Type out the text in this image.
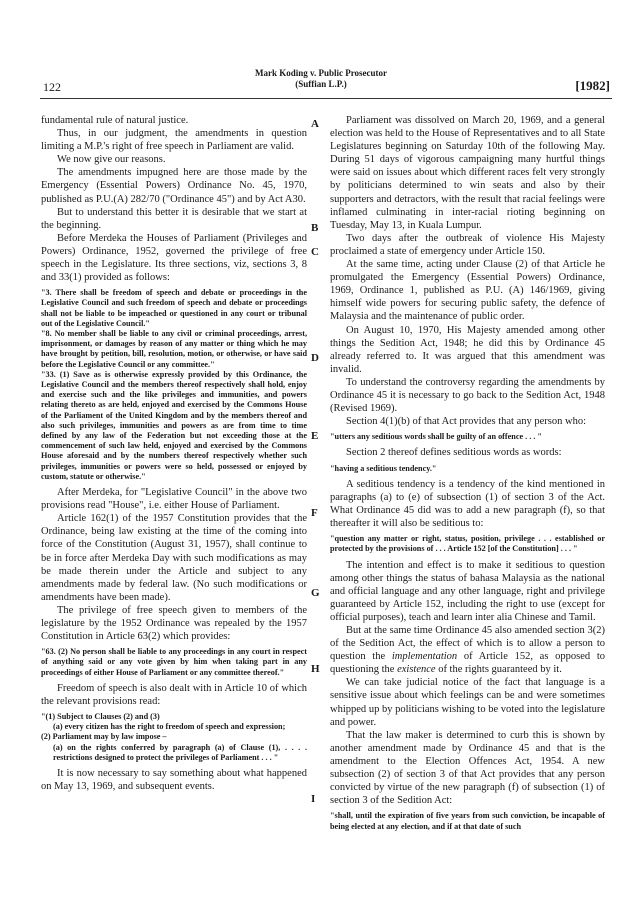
122
Mark Koding v. Public Prosecutor
(Suffian L.P.)	[1982]

fundamental rule of natural justice.

Thus, in our judgment, the amendments in question limiting a M.P.'s right of free speech in Parliament are valid.

We now give our reasons.

The amendments impugned here are those made by the Emergency (Essential Powers) Ordinance No. 45, 1970, published as P.U.(A) 282/70 ("Ordinance 45") and by Act A30.

But to understand this better it is desirable that we start at the beginning.

Before Merdeka the Houses of Parliament (Privileges and Powers) Ordinance, 1952, governed the privilege of free speech in the Legislature. Its three sections, viz, sections 3, 8 and 33(1) provided as follows:

"3. There shall be freedom of speech and debate or proceedings in the Legislative Council and such freedom of speech and debate or proceedings shall not be liable to be impeached or questioned in any court or tribunal out of the Legislative Council."

"8. No member shall be liable to any civil or criminal proceedings, arrest, imprisonment, or damages by reason of any matter or thing which he may have brought by petition, bill, resolution, motion, or otherwise, or have said before the Legislative Council or any committee."

"33. (1) Save as is otherwise expressly provided by this Ordinance, the Legislative Council and the members thereof respectively shall hold, enjoy and exercise such and the like privileges and immunities, and powers relating thereto as are held, enjoyed and exercised by the Commons House of the Parliament of the United Kingdom and by the members thereof and also such privileges, immunities and powers as are from time to time defined by any law of the Federation but not exceeding those at the commencement of such law held, enjoyed and exercised by the Commons House aforesaid and by the numbers thereof respectively whether such privileges, immunities or powers were so held, possessed or enjoyed by custom, statute or otherwise."

After Merdeka, for "Legislative Council" in the above two provisions read "House", i.e. either House of Parliament.

Article 162(1) of the 1957 Constitution provides that the Ordinance, being law existing at the time of the coming into force of the Constitution (August 31, 1957), shall continue to be in force after Merdeka Day with such modifications as may be made therein under the Article and subject to any amendments made by federal law. (No such modifications or amendments have been made).

The privilege of free speech given to members of the legislature by the 1952 Ordinance was repealed by the 1957 Constitution in Article 63(2) which provides:

"63. (2) No person shall be liable to any proceedings in any court in respect of anything said or any vote given by him when taking part in any proceedings of either House of Parliament or any committee thereof."

Freedom of speech is also dealt with in Article 10 of which the relevant provisions read:

"(1) Subject to Clauses (2) and (3)

(a) every citizen has the right to freedom of speech and expression;

(2) Parliament may by law impose –

(a) on the rights conferred by paragraph (a) of Clause (1), . . . . restrictions designed to protect the privileges of Parliament . . . "

It is now necessary to say something about what happened on May 13, 1969, and subsequent events.

A
B
C
D
E
F
G
H
I

Parliament was dissolved on March 20, 1969, and a general election was held to the House of Representatives and to all State Legislatures beginning on Saturday 10th of the following May. During 51 days of vigorous campaigning many hurtful things were said on issues about which different races felt very strongly by politicians determined to win seats and also by their supporters and detractors, with the result that racial feelings were inflamed culminating in inter-racial rioting beginning on Tuesday, May 13, in Kuala Lumpur.

Two days after the outbreak of violence His Majesty proclaimed a state of emergency under Article 150.

At the same time, acting under Clause (2) of that Article he promulgated the Emergency (Essential Powers) Ordinance, 1969, Ordinance 1, published as P.U. (A) 146/1969, giving himself wide powers for securing public safety, the defence of Malaysia and the maintenance of public order.

On August 10, 1970, His Majesty amended among other things the Sedition Act, 1948; he did this by Ordinance 45 already referred to. It was argued that this amendment was invalid.

To understand the controversy regarding the amendments by Ordinance 45 it is necessary to go back to the Sedition Act, 1948 (Revised 1969).

Section 4(1)(b) of that Act provides that any person who:

"utters any seditious words shall be guilty of an offence . . . "

Section 2 thereof defines seditious words as words:

"having a seditious tendency."

A seditious tendency is a tendency of the kind mentioned in paragraphs (a) to (e) of subsection (1) of section 3 of the Act. What Ordinance 45 did was to add a new paragraph (f), so that thereafter it will also be seditious to:

"question any matter or right, status, position, privilege . . . established or protected by the provisions of . . . Article 152 [of the Constitution] . . . "

The intention and effect is to make it seditious to question among other things the status of bahasa Malaysia as the national and official language and any other language, right and privilege guaranteed by Article 152, including the right to use (except for official purposes), teach and learn inter alia Chinese and Tamil.

But at the same time Ordinance 45 also amended section 3(2) of the Sedition Act, the effect of which is to allow a person to question the implementation of Article 152, as opposed to questioning the existence of the rights guaranteed by it.

We can take judicial notice of the fact that language is a sensitive issue about which feelings can be and were sometimes whipped up by politicians wishing to be voted into the legislature and power.

That the law maker is determined to curb this is shown by another amendment made by Ordinance 45 and that is the amendment to the Election Offences Act, 1954. A new subsection (2) of section 3 of that Act provides that any person convicted by virtue of the new paragraph (f) of subsection (1) of section 3 of the Sedition Act:

"shall, until the expiration of five years from such conviction, be incapable of being elected at any election, and if at that date of such
